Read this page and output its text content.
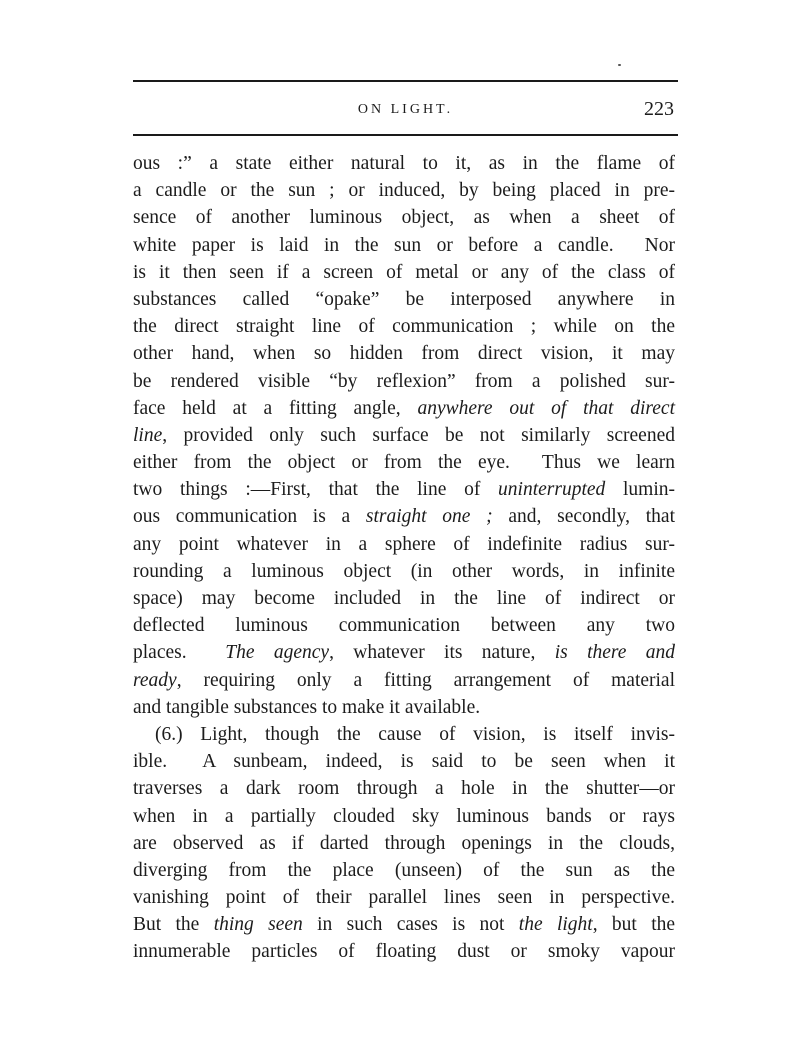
ON LIGHT.	223
ous :” a state either natural to it, as in the flame of
a candle or the sun ; or induced, by being placed in pre-
sence of another luminous object, as when a sheet of
white paper is laid in the sun or before a candle.  Nor
is it then seen if a screen of metal or any of the class of
substances called “opake” be interposed anywhere in
the direct straight line of communication ; while on the
other hand, when so hidden from direct vision, it may
be rendered visible “by reflexion” from a polished sur-
face held at a fitting angle, anywhere out of that direct
line, provided only such surface be not similarly screened
either from the object or from the eye.  Thus we learn
two things :—First, that the line of uninterrupted lumin-
ous communication is a straight one ; and, secondly, that
any point whatever in a sphere of indefinite radius sur-
rounding a luminous object (in other words, in infinite
space) may become included in the line of indirect or
deflected luminous communication between any two
places.  The agency, whatever its nature, is there and
ready, requiring only a fitting arrangement of material
and tangible substances to make it available.
(6.) Light, though the cause of vision, is itself invis-
ible.  A sunbeam, indeed, is said to be seen when it
traverses a dark room through a hole in the shutter—or
when in a partially clouded sky luminous bands or rays
are observed as if darted through openings in the clouds,
diverging from the place (unseen) of the sun as the
vanishing point of their parallel lines seen in perspective.
But the thing seen in such cases is not the light, but the
innumerable particles of floating dust or smoky vapour
